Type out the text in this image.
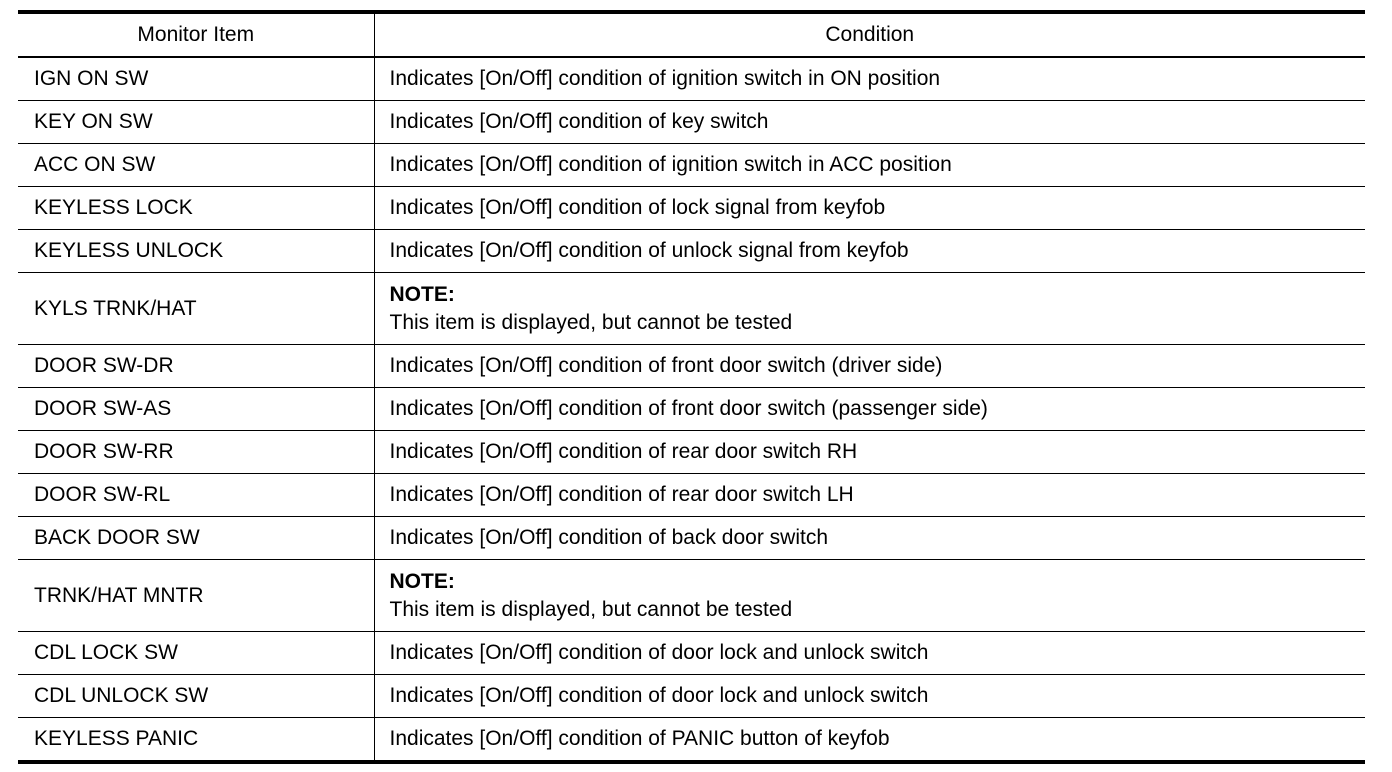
Monitor Item	Condition
IGN ON SW	Indicates [On/Off] condition of ignition switch in ON position
KEY ON SW	Indicates [On/Off] condition of key switch
ACC ON SW	Indicates [On/Off] condition of ignition switch in ACC position
KEYLESS LOCK	Indicates [On/Off] condition of lock signal from keyfob
KEYLESS UNLOCK	Indicates [On/Off] condition of unlock signal from keyfob
KYLS TRNK/HAT	NOTE:
This item is displayed, but cannot be tested

DOOR SW-DR	Indicates [On/Off] condition of front door switch (driver side)
DOOR SW-AS	Indicates [On/Off] condition of front door switch (passenger side)
DOOR SW-RR	Indicates [On/Off] condition of rear door switch RH
DOOR SW-RL	Indicates [On/Off] condition of rear door switch LH
BACK DOOR SW	Indicates [On/Off] condition of back door switch
TRNK/HAT MNTR	NOTE:
This item is displayed, but cannot be tested

CDL LOCK SW	Indicates [On/Off] condition of door lock and unlock switch
CDL UNLOCK SW	Indicates [On/Off] condition of door lock and unlock switch
KEYLESS PANIC	Indicates [On/Off] condition of PANIC button of keyfob
